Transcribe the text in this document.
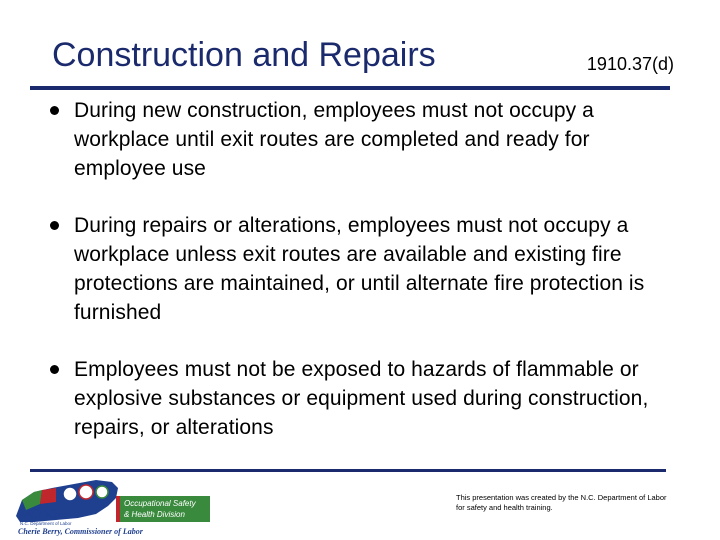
Construction and Repairs	1910.37(d)
During new construction, employees must not occupy a workplace until exit routes are completed and ready for employee use
During repairs or alterations, employees must not occupy a workplace unless exit routes are available and existing fire protections are maintained, or until alternate fire protection is furnished
Employees must not be exposed to hazards of flammable or explosive substances or equipment used during construction, repairs, or alterations
Occupational Safety
& Health Division
NCDOL
N.C. Department of Labor
Cherie Berry, Commissioner of Labor
This presentation was created by the N.C. Department of Labor for safety and health training.
